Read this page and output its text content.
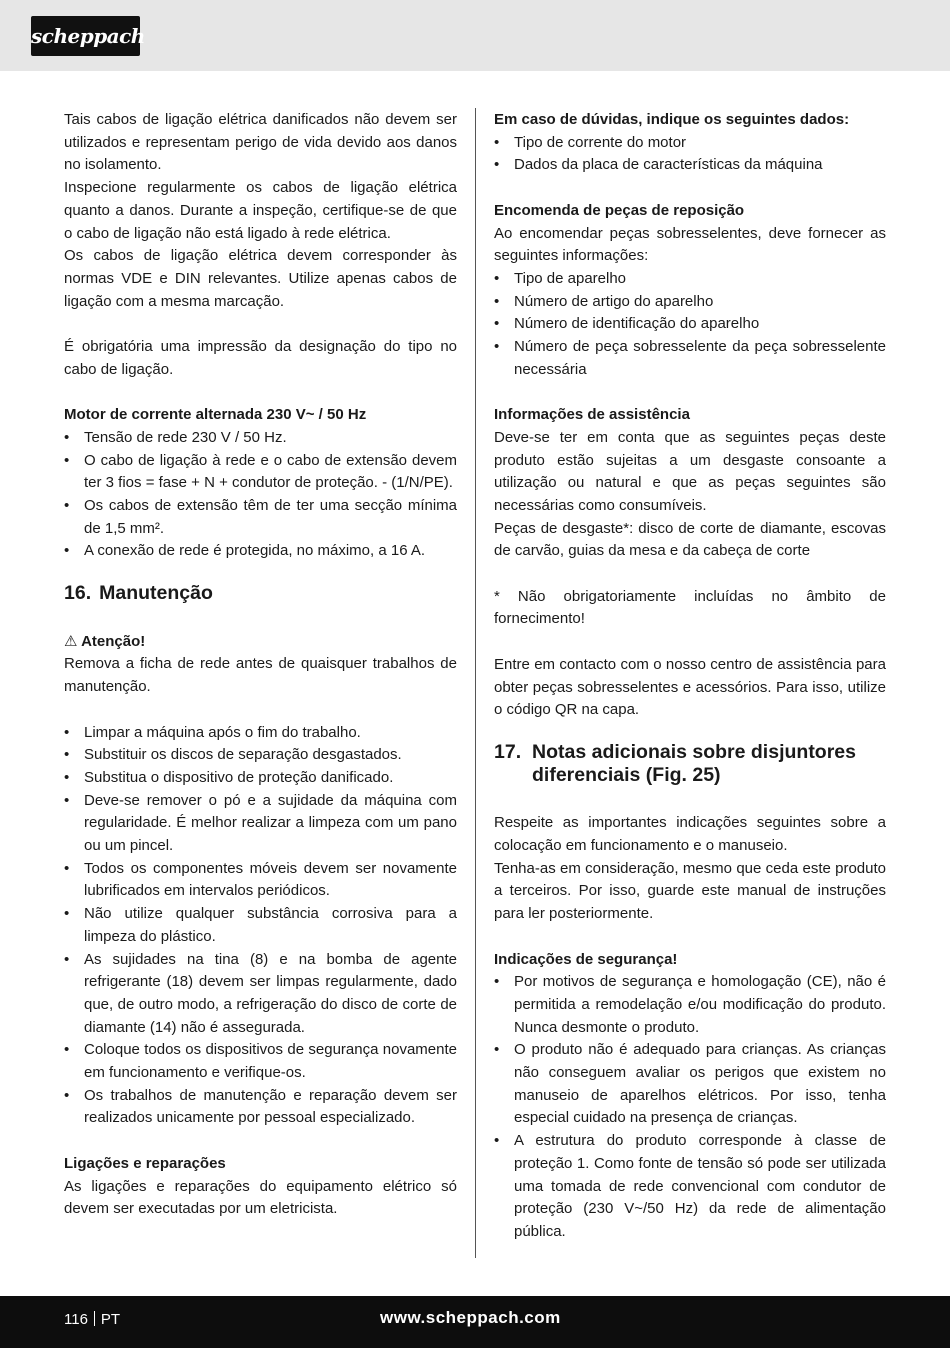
scheppach

Tais cabos de ligação elétrica danificados não devem ser utilizados e representam perigo de vida devido aos danos no isolamento.

Inspecione regularmente os cabos de ligação elétrica quanto a danos. Durante a inspeção, certifique-se de que o cabo de ligação não está ligado à rede elétrica.

Os cabos de ligação elétrica devem corresponder às normas VDE e DIN relevantes. Utilize apenas cabos de ligação com a mesma marcação.

É obrigatória uma impressão da designação do tipo no cabo de ligação.

Motor de corrente alternada 230 V~ / 50 Hz

• Tensão de rede 230 V / 50 Hz.
• O cabo de ligação à rede e o cabo de extensão devem ter 3 fios = fase + N + condutor de proteção. - (1/N/PE).
• Os cabos de extensão têm de ter uma secção mínima de 1,5 mm².
• A conexão de rede é protegida, no máximo, a 16 A.
16. Manutenção

⚠ Atenção!

Remova a ficha de rede antes de quaisquer trabalhos de manutenção.

• Limpar a máquina após o fim do trabalho.
• Substituir os discos de separação desgastados.
• Substitua o dispositivo de proteção danificado.
• Deve-se remover o pó e a sujidade da máquina com regularidade. É melhor realizar a limpeza com um pano ou um pincel.
• Todos os componentes móveis devem ser novamente lubrificados em intervalos periódicos.
• Não utilize qualquer substância corrosiva para a limpeza do plástico.
• As sujidades na tina (8) e na bomba de agente refrigerante (18) devem ser limpas regularmente, dado que, de outro modo, a refrigeração do disco de corte de diamante (14) não é assegurada.
• Coloque todos os dispositivos de segurança novamente em funcionamento e verifique-os.
• Os trabalhos de manutenção e reparação devem ser realizados unicamente por pessoal especializado.

Ligações e reparações

As ligações e reparações do equipamento elétrico só devem ser executadas por um eletricista.

Em caso de dúvidas, indique os seguintes dados:

• Tipo de corrente do motor
• Dados da placa de características da máquina

Encomenda de peças de reposição

Ao encomendar peças sobresselentes, deve fornecer as seguintes informações:

• Tipo de aparelho
• Número de artigo do aparelho
• Número de identificação do aparelho
• Número de peça sobresselente da peça sobresselente necessária

Informações de assistência

Deve-se ter em conta que as seguintes peças deste produto estão sujeitas a um desgaste consoante a utilização ou natural e que as peças seguintes são necessárias como consumíveis.

Peças de desgaste*: disco de corte de diamante, escovas de carvão, guias da mesa e da cabeça de corte

* Não obrigatoriamente incluídas no âmbito de fornecimento!

Entre em contacto com o nosso centro de assistência para obter peças sobresselentes e acessórios. Para isso, utilize o código QR na capa.

17. Notas adicionais sobre disjuntores diferenciais (Fig. 25)

Respeite as importantes indicações seguintes sobre a colocação em funcionamento e o manuseio.

Tenha-as em consideração, mesmo que ceda este produto a terceiros. Por isso, guarde este manual de instruções para ler posteriormente.

Indicações de segurança!

• Por motivos de segurança e homologação (CE), não é permitida a remodelação e/ou modificação do produto. Nunca desmonte o produto.
• O produto não é adequado para crianças. As crianças não conseguem avaliar os perigos que existem no manuseio de aparelhos elétricos. Por isso, tenha especial cuidado na presença de crianças.
• A estrutura do produto corresponde à classe de proteção 1. Como fonte de tensão só pode ser utilizada uma tomada de rede convencional com condutor de proteção (230 V~/50 Hz) da rede de alimentação pública.
116 PT	www.scheppach.com
